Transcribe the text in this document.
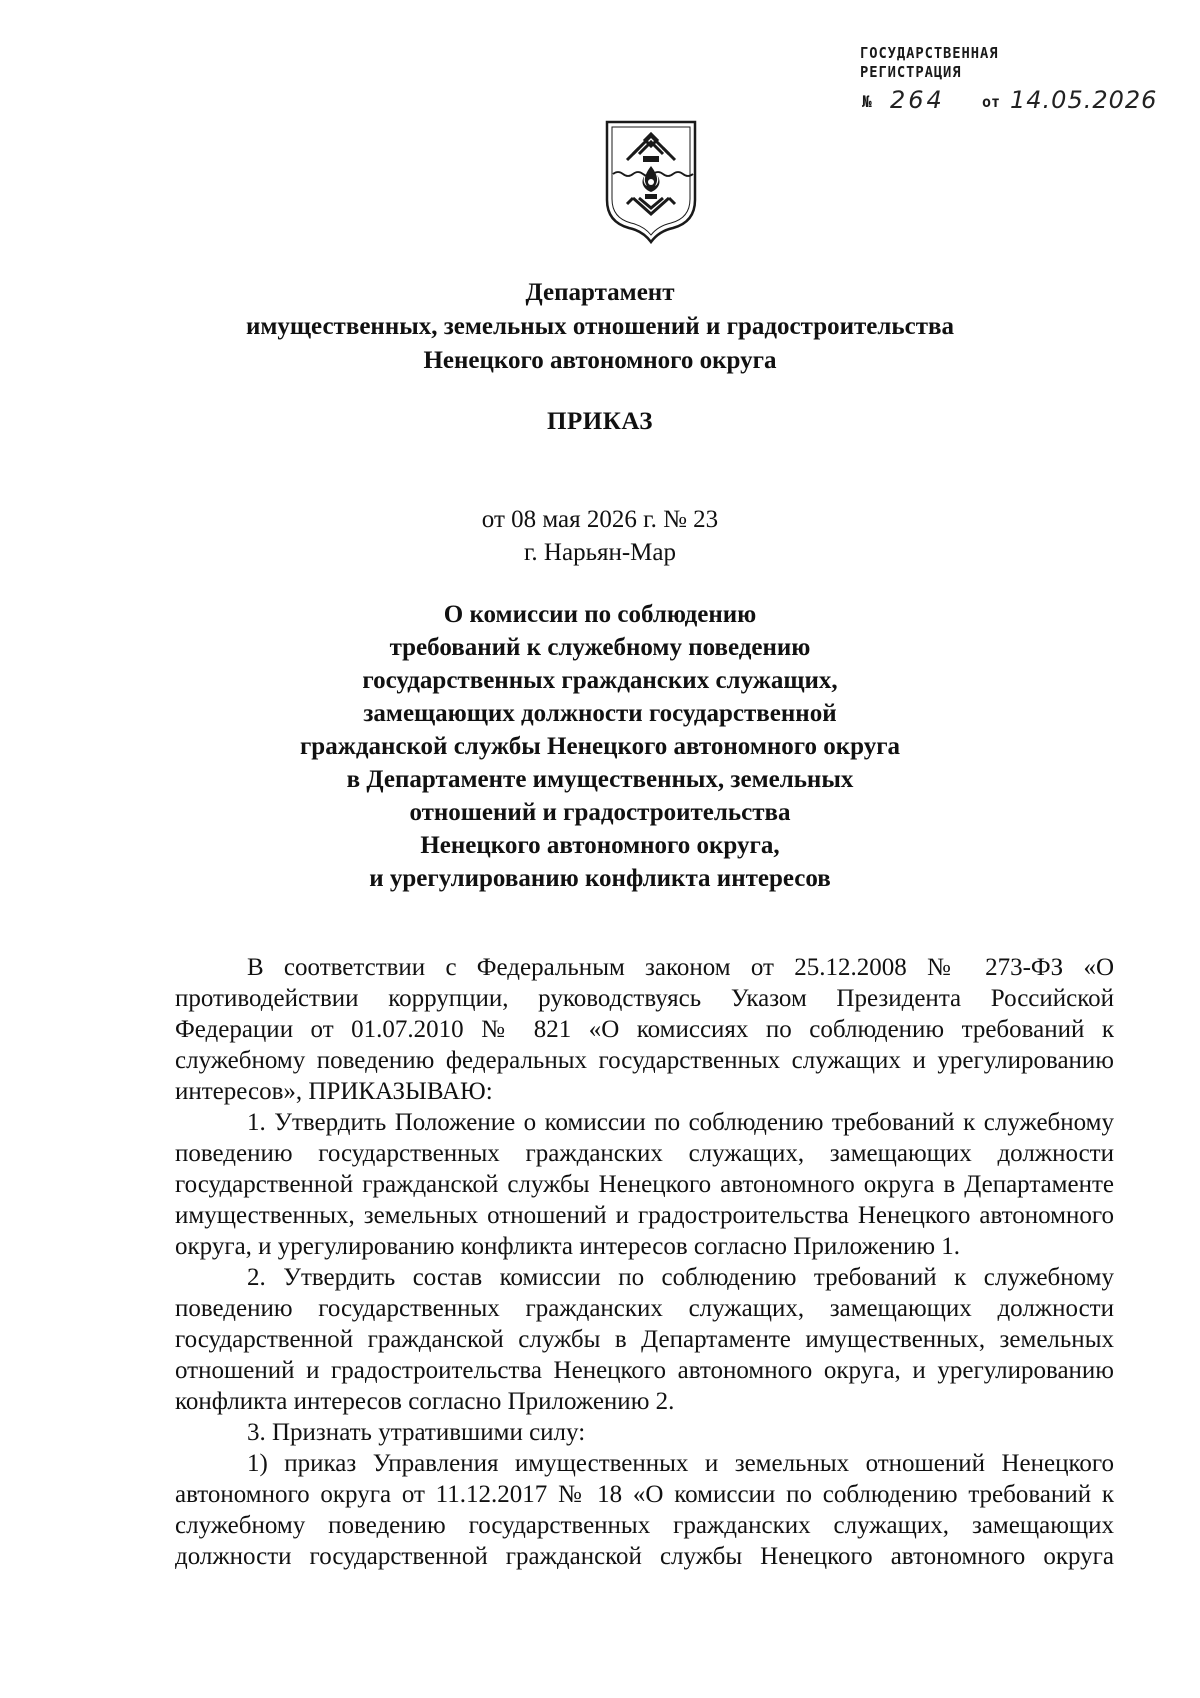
ГОСУДАРСТВЕННАЯ
РЕГИСТРАЦИЯ
№ 264 от 14.05.2026
Департамент
имущественных, земельных отношений и градостроительства
Ненецкого автономного округа
ПРИКАЗ
от 08 мая 2026 г. № 23
г. Нарьян-Мар
О комиссии по соблюдению
требований к служебному поведению
государственных гражданских служащих,
замещающих должности государственной
гражданской службы Ненецкого автономного округа
в Департаменте имущественных, земельных
отношений и градостроительства
Ненецкого автономного округа,
и урегулированию конфликта интересов

В соответствии с Федеральным законом от 25.12.2008 № 273-ФЗ «О противодействии коррупции, руководствуясь Указом Президента Российской Федерации от 01.07.2010 № 821 «О комиссиях по соблюдению требований к служебному поведению федеральных государственных служащих и урегулированию интересов», ПРИКАЗЫВАЮ:

1. Утвердить Положение о комиссии по соблюдению требований к служебному поведению государственных гражданских служащих, замещающих должности государственной гражданской службы Ненецкого автономного округа в Департаменте имущественных, земельных отношений и градостроительства Ненецкого автономного округа, и урегулированию конфликта интересов согласно Приложению 1.

2. Утвердить состав комиссии по соблюдению требований к служебному поведению государственных гражданских служащих, замещающих должности государственной гражданской службы в Департаменте имущественных, земельных отношений и градостроительства Ненецкого автономного округа, и урегулированию конфликта интересов согласно Приложению 2.

3. Признать утратившими силу:

1) приказ Управления имущественных и земельных отношений Ненецкого автономного округа от 11.12.2017 № 18 «О комиссии по соблюдению требований к служебному поведению государственных гражданских служащих, замещающих должности государственной гражданской службы Ненецкого автономного округа
